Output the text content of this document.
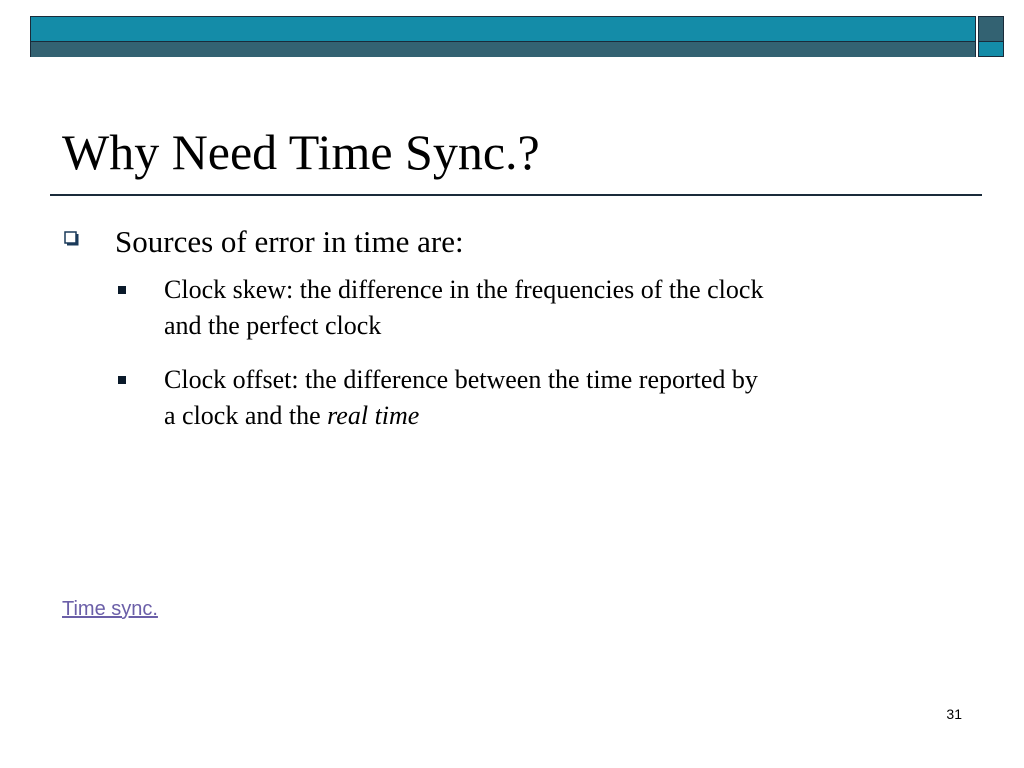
Why Need Time Sync.?
Sources of error in time are:
Clock skew: the difference in the frequencies of the clock
and the perfect clock
Clock offset: the difference between the time reported by
a clock and the real time
Time sync.
31
